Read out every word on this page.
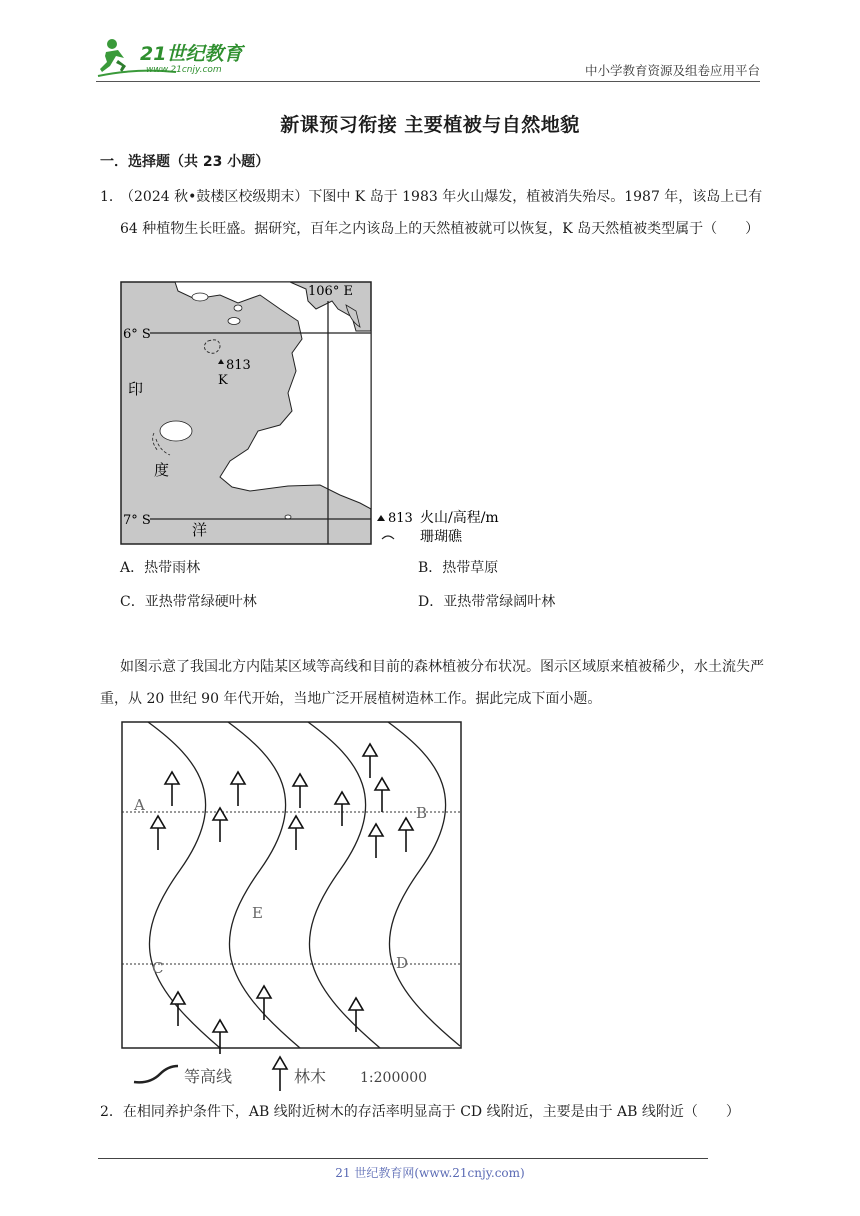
21世纪教育
www.21cnjy.com	中小学教育资源及组卷应用平台
新课预习衔接 主要植被与自然地貌
一．选择题（共 23 小题）
1．
（2024 秋•鼓楼区校级期末）下图中 K 岛于 1983 年火山爆发，植被消失殆尽。1987 年，该岛上已有 64 种植物生长旺盛。据研究，百年之内该岛上的天然植被就可以恢复，K 岛天然植被类型属于（　　）
106° E
6° S
7° S
813
K
印
度
洋
813 火山/高程/m
珊瑚礁
A．热带雨林	B．热带草原
C．亚热带常绿硬叶林	D．亚热带常绿阔叶林
如图示意了我国北方内陆某区域等高线和目前的森林植被分布状况。图示区域原来植被稀少，水土流失严重，从 20 世纪 90 年代开始，当地广泛开展植树造林工作。据此完成下面小题。
A	B
C	D
E
等高线	林木 1:200000
2．在相同养护条件下，AB 线附近树木的存活率明显高于 CD 线附近，主要是由于 AB 线附近（　　）
21 世纪教育网(www.21cnjy.com)
